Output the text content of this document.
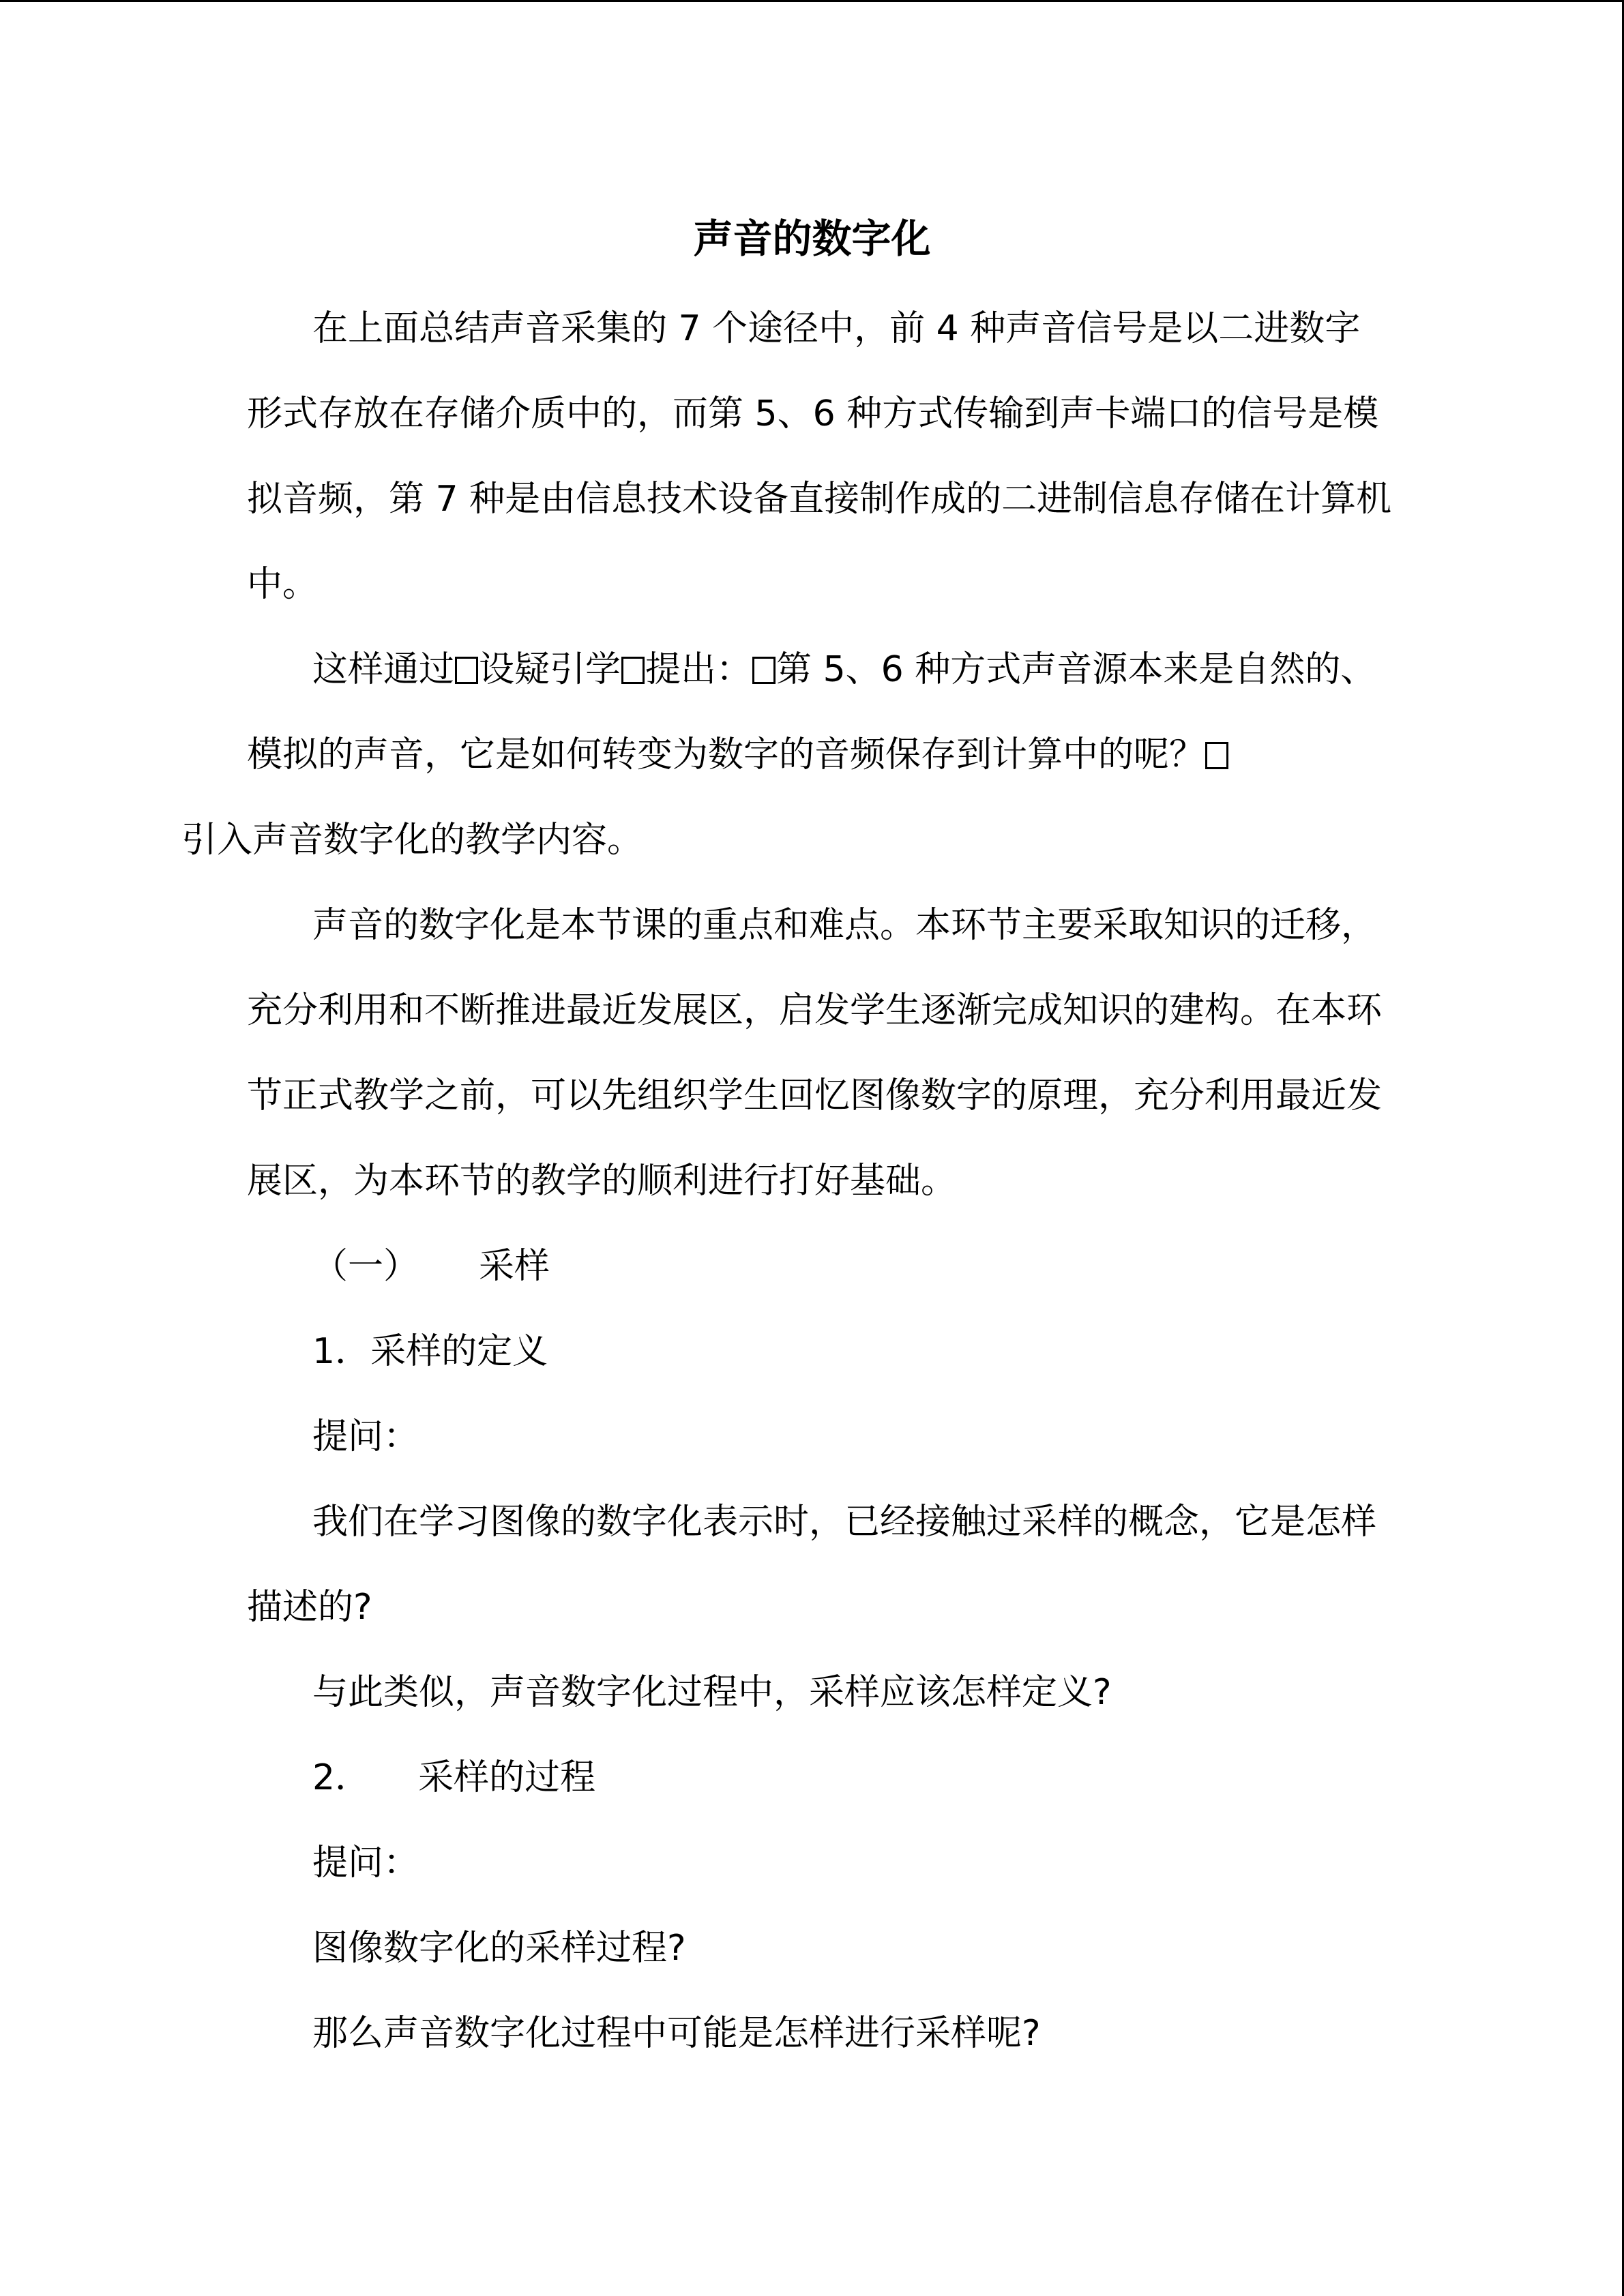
声音的数字化

在上面总结声音采集的 7 个途径中，前 4 种声音信号是以二进数字形式存放在存储介质中的，而第 5、6 种方式传输到声卡端口的信号是模拟音频，第 7 种是由信息技术设备直接制作成的二进制信息存储在计算机中。

这样通过 设疑引学 提出： 第 5、6 种方式声音源本来是自然的、模拟的声音，它是如何转变为数字的音频保存到计算中的呢？
引入声音数字化的教学内容。

声音的数字化是本节课的重点和难点。本环节主要采取知识的迁移，充分利用和不断推进最近发展区，启发学生逐渐完成知识的建构。在本环节正式教学之前，可以先组织学生回忆图像数字的原理，充分利用最近发展区，为本环节的教学的顺利进行打好基础。

（一） 采样

1．采样的定义

提问：

我们在学习图像的数字化表示时，已经接触过采样的概念，它是怎样描述的?

与此类似，声音数字化过程中，采样应该怎样定义?

2． 采样的过程

提问：

图像数字化的采样过程?

那么声音数字化过程中可能是怎样进行采样呢?
